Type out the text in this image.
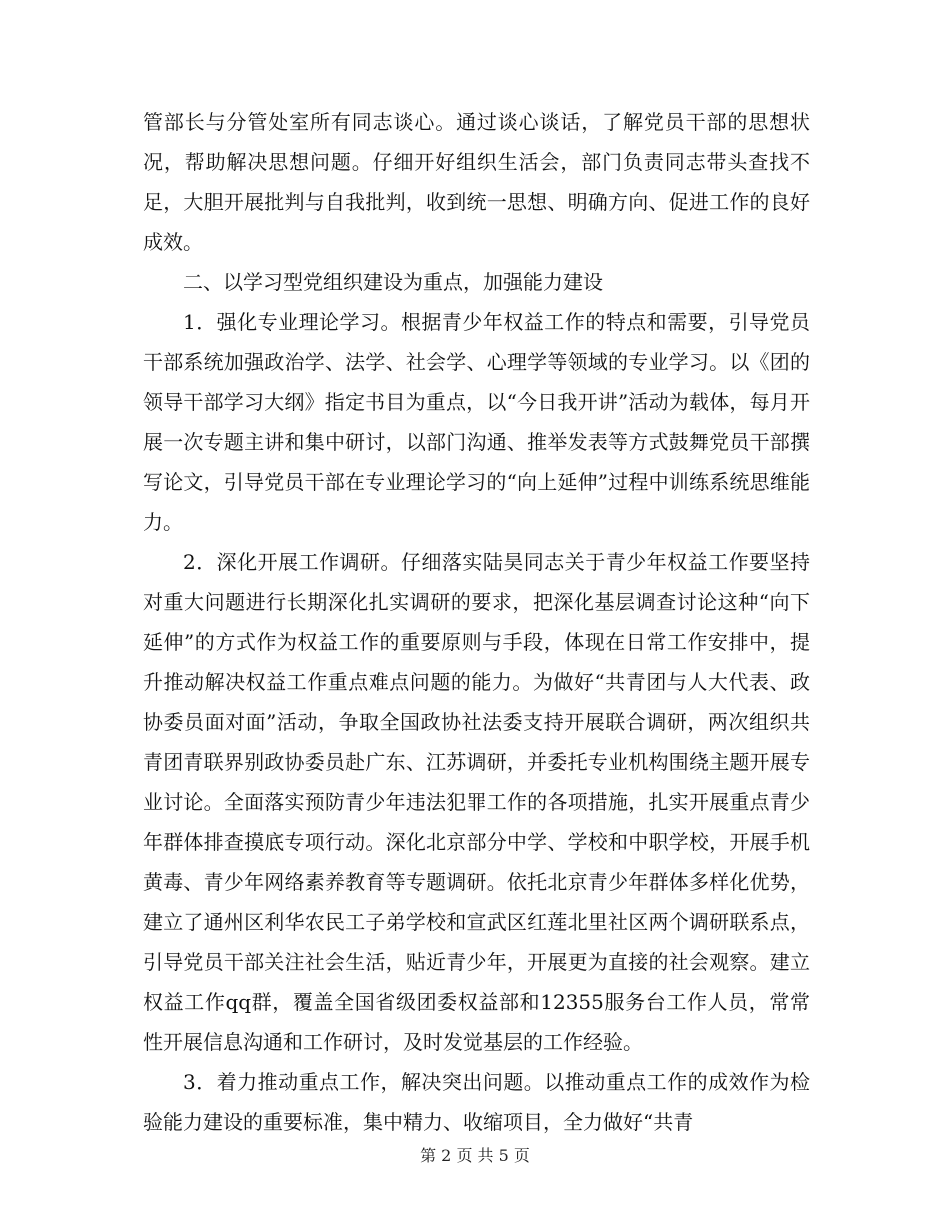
管部长与分管处室所有同志谈心。通过谈心谈话，了解党员干部的思想状况，帮助解决思想问题。仔细开好组织生活会，部门负责同志带头查找不足，大胆开展批判与自我批判，收到统一思想、明确方向、促进工作的良好成效。

二、以学习型党组织建设为重点，加强能力建设

1．强化专业理论学习。根据青少年权益工作的特点和需要，引导党员干部系统加强政治学、法学、社会学、心理学等领域的专业学习。以《团的领导干部学习大纲》指定书目为重点，以“今日我开讲”活动为载体，每月开展一次专题主讲和集中研讨，以部门沟通、推举发表等方式鼓舞党员干部撰写论文，引导党员干部在专业理论学习的“向上延伸”过程中训练系统思维能力。

2．深化开展工作调研。仔细落实陆昊同志关于青少年权益工作要坚持对重大问题进行长期深化扎实调研的要求，把深化基层调查讨论这种“向下延伸”的方式作为权益工作的重要原则与手段，体现在日常工作安排中，提升推动解决权益工作重点难点问题的能力。为做好“共青团与人大代表、政协委员面对面”活动，争取全国政协社法委支持开展联合调研，两次组织共青团青联界别政协委员赴广东、江苏调研，并委托专业机构围绕主题开展专业讨论。全面落实预防青少年违法犯罪工作的各项措施，扎实开展重点青少年群体排查摸底专项行动。深化北京部分中学、学校和中职学校，开展手机黄毒、青少年网络素养教育等专题调研。依托北京青少年群体多样化优势，建立了通州区利华农民工子弟学校和宣武区红莲北里社区两个调研联系点，引导党员干部关注社会生活，贴近青少年，开展更为直接的社会观察。建立权益工作qq群，覆盖全国省级团委权益部和12355服务台工作人员，常常性开展信息沟通和工作研讨，及时发觉基层的工作经验。

3．着力推动重点工作，解决突出问题。以推动重点工作的成效作为检验能力建设的重要标准，集中精力、收缩项目，全力做好“共青

第 2 页 共 5 页
